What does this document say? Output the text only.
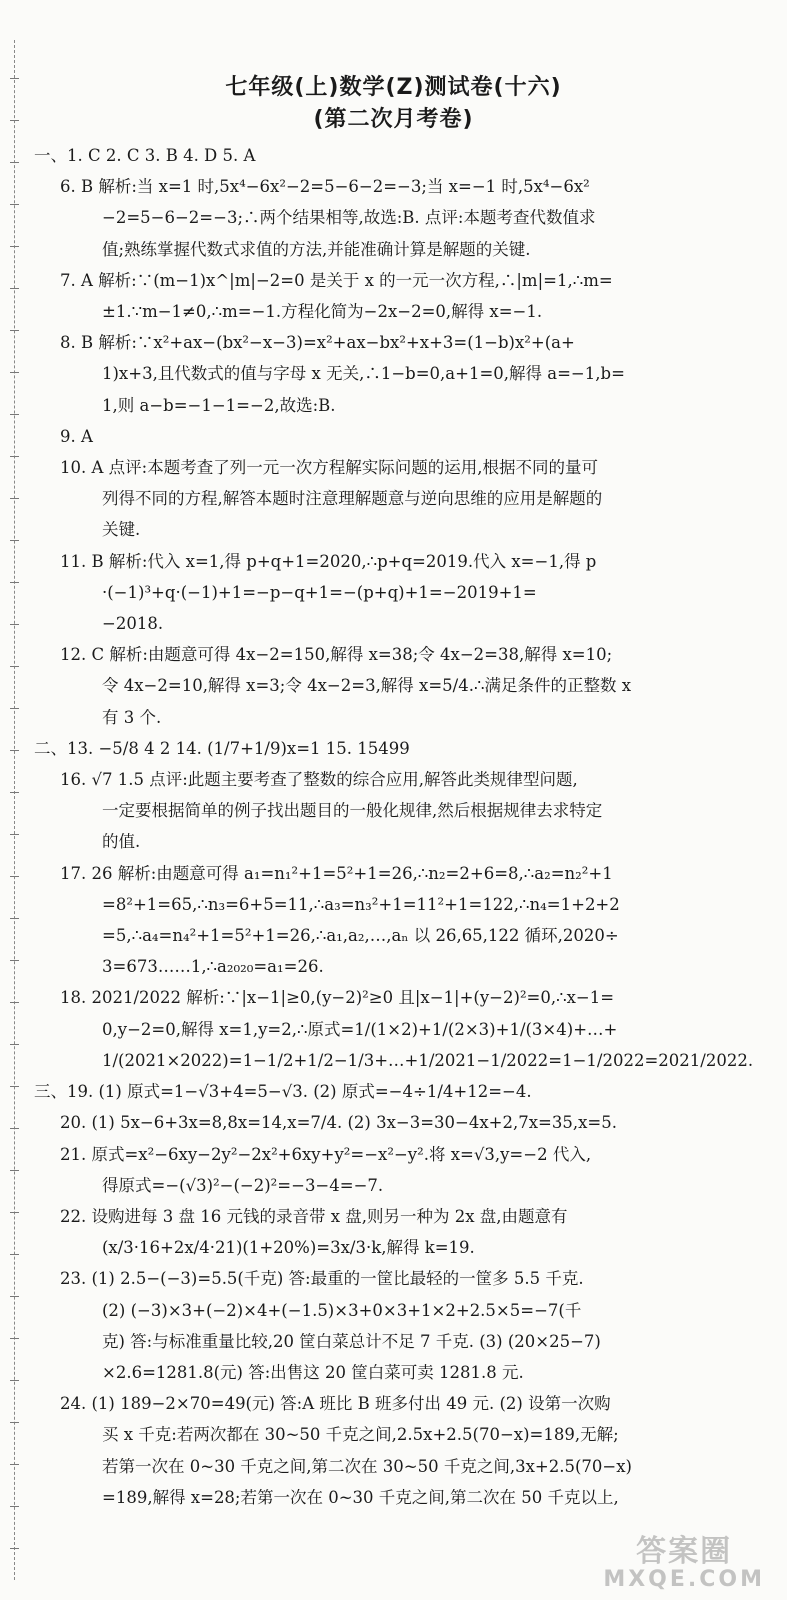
七年级(上)数学(Z)测试卷(十六)
(第二次月考卷)
一、1. C 2. C 3. B 4. D 5. A
6. B 解析:当 x=1 时,5x⁴−6x²−2=5−6−2=−3;当 x=−1 时,5x⁴−6x²
−2=5−6−2=−3;∴两个结果相等,故选:B. 点评:本题考查代数值求
值;熟练掌握代数式求值的方法,并能准确计算是解题的关键.
7. A 解析:∵(m−1)x^|m|−2=0 是关于 x 的一元一次方程,∴|m|=1,∴m=
±1.∵m−1≠0,∴m=−1.方程化简为−2x−2=0,解得 x=−1.
8. B 解析:∵x²+ax−(bx²−x−3)=x²+ax−bx²+x+3=(1−b)x²+(a+
1)x+3,且代数式的值与字母 x 无关,∴1−b=0,a+1=0,解得 a=−1,b=
1,则 a−b=−1−1=−2,故选:B.
9. A
10. A 点评:本题考查了列一元一次方程解实际问题的运用,根据不同的量可
列得不同的方程,解答本题时注意理解题意与逆向思维的应用是解题的
关键.
11. B 解析:代入 x=1,得 p+q+1=2020,∴p+q=2019.代入 x=−1,得 p
·(−1)³+q·(−1)+1=−p−q+1=−(p+q)+1=−2019+1=
−2018.
12. C 解析:由题意可得 4x−2=150,解得 x=38;令 4x−2=38,解得 x=10;
令 4x−2=10,解得 x=3;令 4x−2=3,解得 x=5/4.∴满足条件的正整数 x
有 3 个.
二、13. −5/8 4 2 14. (1/7+1/9)x=1 15. 15499
16. √7 1.5 点评:此题主要考查了整数的综合应用,解答此类规律型问题,
一定要根据简单的例子找出题目的一般化规律,然后根据规律去求特定
的值.
17. 26 解析:由题意可得 a₁=n₁²+1=5²+1=26,∴n₂=2+6=8,∴a₂=n₂²+1
=8²+1=65,∴n₃=6+5=11,∴a₃=n₃²+1=11²+1=122,∴n₄=1+2+2
=5,∴a₄=n₄²+1=5²+1=26,∴a₁,a₂,…,aₙ 以 26,65,122 循环,2020÷
3=673……1,∴a₂₀₂₀=a₁=26.
18. 2021/2022 解析:∵|x−1|≥0,(y−2)²≥0 且|x−1|+(y−2)²=0,∴x−1=
0,y−2=0,解得 x=1,y=2,∴原式=1/(1×2)+1/(2×3)+1/(3×4)+…+
1/(2021×2022)=1−1/2+1/2−1/3+…+1/2021−1/2022=1−1/2022=2021/2022.
三、19. (1) 原式=1−√3+4=5−√3. (2) 原式=−4÷1/4+12=−4.
20. (1) 5x−6+3x=8,8x=14,x=7/4. (2) 3x−3=30−4x+2,7x=35,x=5.
21. 原式=x²−6xy−2y²−2x²+6xy+y²=−x²−y².将 x=√3,y=−2 代入,
得原式=−(√3)²−(−2)²=−3−4=−7.
22. 设购进每 3 盘 16 元钱的录音带 x 盘,则另一种为 2x 盘,由题意有
(x/3·16+2x/4·21)(1+20%)=3x/3·k,解得 k=19.
23. (1) 2.5−(−3)=5.5(千克) 答:最重的一筐比最轻的一筐多 5.5 千克.
(2) (−3)×3+(−2)×4+(−1.5)×3+0×3+1×2+2.5×5=−7(千
克) 答:与标准重量比较,20 筐白菜总计不足 7 千克. (3) (20×25−7)
×2.6=1281.8(元) 答:出售这 20 筐白菜可卖 1281.8 元.
24. (1) 189−2×70=49(元) 答:A 班比 B 班多付出 49 元. (2) 设第一次购
买 x 千克:若两次都在 30~50 千克之间,2.5x+2.5(70−x)=189,无解;
若第一次在 0~30 千克之间,第二次在 30~50 千克之间,3x+2.5(70−x)
=189,解得 x=28;若第一次在 0~30 千克之间,第二次在 50 千克以上,
答案圈
MXQE.COM
